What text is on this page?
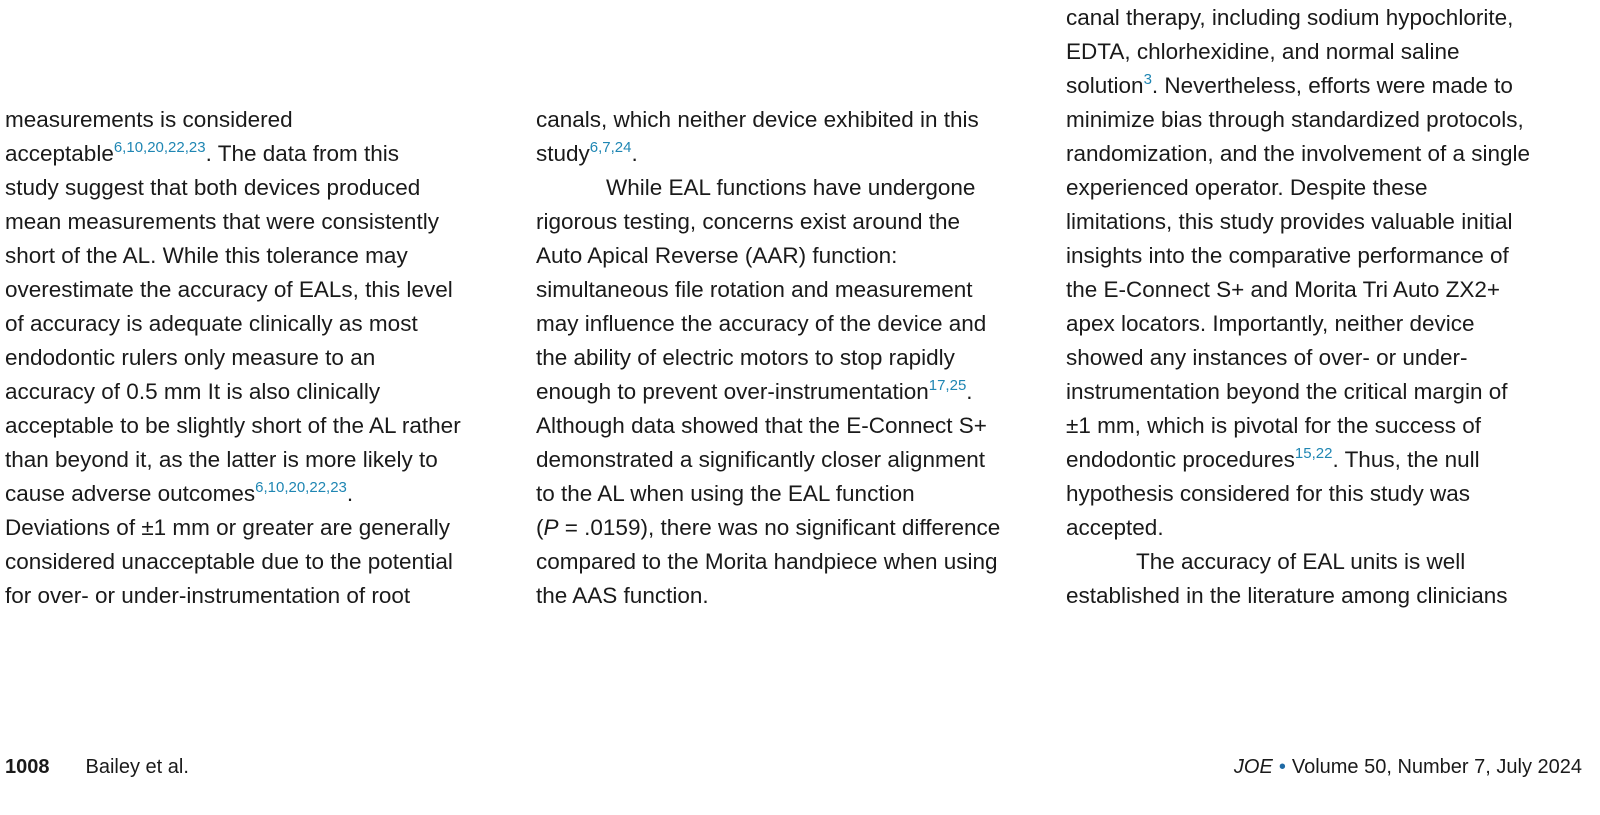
measurements is considered
acceptable$^{6,10,20,22,23}$. The data from this
study suggest that both devices produced
mean measurements that were consistently
short of the AL. While this tolerance may
overestimate the accuracy of EALs, this level
of accuracy is adequate clinically as most
endodontic rulers only measure to an
accuracy of 0.5 mm It is also clinically
acceptable to be slightly short of the AL rather
than beyond it, as the latter is more likely to
cause adverse outcomes$^{6,10,20,22,23}$.
Deviations of ±1 mm or greater are generally
considered unacceptable due to the potential
for over- or under-instrumentation of root
canals, which neither device exhibited in this
study$^{6,7,24}$.
While EAL functions have undergone
rigorous testing, concerns exist around the
Auto Apical Reverse (AAR) function:
simultaneous file rotation and measurement
may influence the accuracy of the device and
the ability of electric motors to stop rapidly
enough to prevent over-instrumentation$^{17,25}$.
Although data showed that the E-Connect S+
demonstrated a significantly closer alignment
to the AL when using the EAL function
(P = .0159), there was no significant difference
compared to the Morita handpiece when using
the AAS function.
canal therapy, including sodium hypochlorite,
EDTA, chlorhexidine, and normal saline
solution$^3$. Nevertheless, efforts were made to
minimize bias through standardized protocols,
randomization, and the involvement of a single
experienced operator. Despite these
limitations, this study provides valuable initial
insights into the comparative performance of
the E-Connect S+ and Morita Tri Auto ZX2+
apex locators. Importantly, neither device
showed any instances of over- or under-
instrumentation beyond the critical margin of
±1 mm, which is pivotal for the success of
endodontic procedures$^{15,22}$. Thus, the null
hypothesis considered for this study was
accepted.
The accuracy of EAL units is well
established in the literature among clinicians
1008 Bailey et al.	JOE • Volume 50, Number 7, July 2024
